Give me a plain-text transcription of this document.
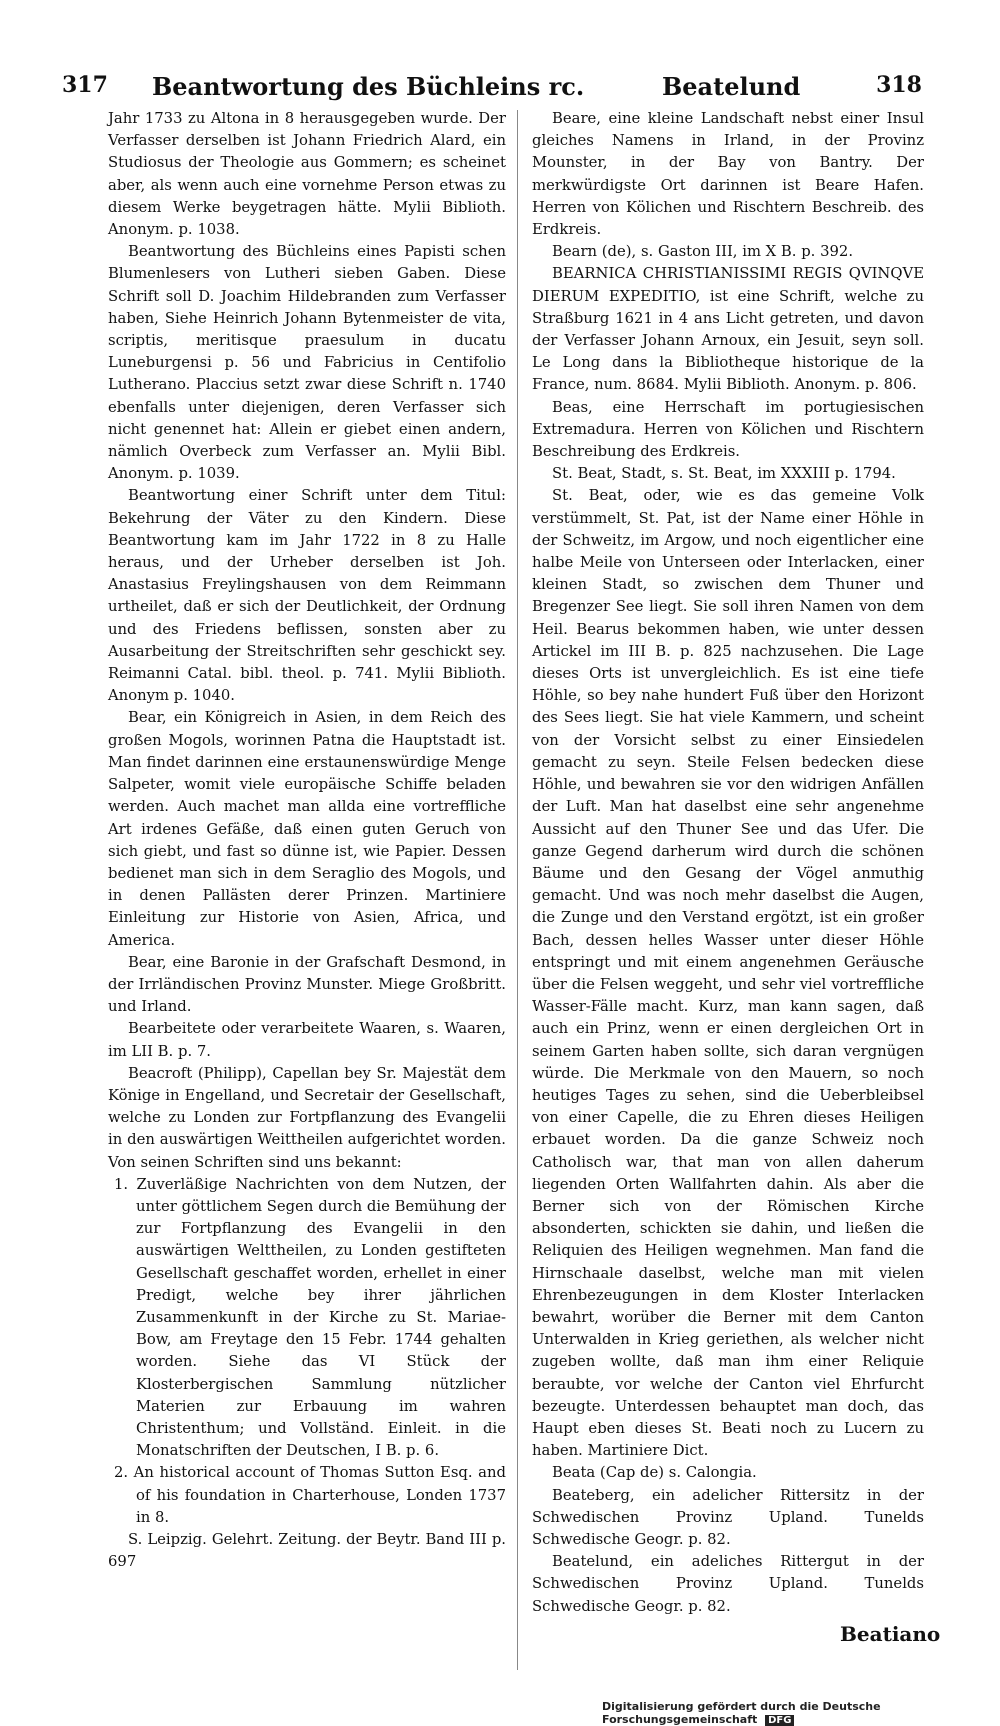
317 Beantwortung des Büchleins rc.	Beatelund	318

Jahr 1733 zu Altona in 8 herausgegeben wurde. Der Verfasser derselben ist Johann Friedrich Alard, ein Studiosus der Theologie aus Gommern; es scheinet aber, als wenn auch eine vornehme Person etwas zu diesem Werke beygetragen hätte. Mylii Biblioth. Anonym. p. 1038.

Beantwortung des Büchleins eines Papisti schen Blumenlesers von Lutheri sieben Gaben. Diese Schrift soll D. Joachim Hildebranden zum Verfasser haben, Siehe Heinrich Johann Bytenmeister de vita, scriptis, meritisque praesulum in ducatu Luneburgensi p. 56 und Fabricius in Centifolio Lutherano. Placcius setzt zwar diese Schrift n. 1740 ebenfalls unter diejenigen, deren Verfasser sich nicht genennet hat: Allein er giebet einen andern, nämlich Overbeck zum Verfasser an. Mylii Bibl. Anonym. p. 1039.

Beantwortung einer Schrift unter dem Titul: Bekehrung der Väter zu den Kindern. Diese Beantwortung kam im Jahr 1722 in 8 zu Halle heraus, und der Urheber derselben ist Joh. Anastasius Freylingshausen von dem Reimmann urtheilet, daß er sich der Deutlichkeit, der Ordnung und des Friedens beflissen, sonsten aber zu Ausarbeitung der Streitschriften sehr geschickt sey. Reimanni Catal. bibl. theol. p. 741. Mylii Biblioth. Anonym p. 1040.

Bear, ein Königreich in Asien, in dem Reich des großen Mogols, worinnen Patna die Hauptstadt ist. Man findet darinnen eine erstaunenswürdige Menge Salpeter, womit viele europäische Schiffe beladen werden. Auch machet man allda eine vortreffliche Art irdenes Gefäße, daß einen guten Geruch von sich giebt, und fast so dünne ist, wie Papier. Dessen bedienet man sich in dem Seraglio des Mogols, und in denen Pallästen derer Prinzen. Martiniere Einleitung zur Historie von Asien, Africa, und America.

Bear, eine Baronie in der Grafschaft Desmond, in der Irrländischen Provinz Munster. Miege Großbritt. und Irland.

Bearbeitete oder verarbeitete Waaren, s. Waaren, im LII B. p. 7.

Beacroft (Philipp), Capellan bey Sr. Majestät dem Könige in Engelland, und Secretair der Gesellschaft, welche zu Londen zur Fortpflanzung des Evangelii in den auswärtigen Weittheilen aufgerichtet worden. Von seinen Schriften sind uns bekannt:

1. Zuverläßige Nachrichten von dem Nutzen, der unter göttlichem Segen durch die Bemühung der zur Fortpflanzung des Evangelii in den auswärtigen Welttheilen, zu Londen gestifteten Gesellschaft geschaffet worden, erhellet in einer Predigt, welche bey ihrer jährlichen Zusammenkunft in der Kirche zu St. Mariae-Bow, am Freytage den 15 Febr. 1744 gehalten worden. Siehe das VI Stück der Klosterbergischen Sammlung nützlicher Materien zur Erbauung im wahren Christenthum; und Vollständ. Einleit. in die Monatschriften der Deutschen, I B. p. 6.

2. An historical account of Thomas Sutton Esq. and of his foundation in Charterhouse, Londen 1737 in 8.

S. Leipzig. Gelehrt. Zeitung. der Beytr. Band III p. 697

Beare, eine kleine Landschaft nebst einer Insul gleiches Namens in Irland, in der Provinz Mounster, in der Bay von Bantry. Der merkwürdigste Ort darinnen ist Beare Hafen. Herren von Kölichen und Rischtern Beschreib. des Erdkreis.

Bearn (de), s. Gaston III, im X B. p. 392.

BEARNICA CHRISTIANISSIMI REGIS QVINQVE DIERUM EXPEDITIO, ist eine Schrift, welche zu Straßburg 1621 in 4 ans Licht getreten, und davon der Verfasser Johann Arnoux, ein Jesuit, seyn soll. Le Long dans la Bibliotheque historique de la France, num. 8684. Mylii Biblioth. Anonym. p. 806.

Beas, eine Herrschaft im portugiesischen Extremadura. Herren von Kölichen und Rischtern Beschreibung des Erdkreis.

St. Beat, Stadt, s. St. Beat, im XXXIII p. 1794.

St. Beat, oder, wie es das gemeine Volk verstümmelt, St. Pat, ist der Name einer Höhle in der Schweitz, im Argow, und noch eigentlicher eine halbe Meile von Unterseen oder Interlacken, einer kleinen Stadt, so zwischen dem Thuner und Bregenzer See liegt. Sie soll ihren Namen von dem Heil. Bearus bekommen haben, wie unter dessen Artickel im III B. p. 825 nachzusehen. Die Lage dieses Orts ist unvergleichlich. Es ist eine tiefe Höhle, so bey nahe hundert Fuß über den Horizont des Sees liegt. Sie hat viele Kammern, und scheint von der Vorsicht selbst zu einer Einsiedelen gemacht zu seyn. Steile Felsen bedecken diese Höhle, und bewahren sie vor den widrigen Anfällen der Luft. Man hat daselbst eine sehr angenehme Aussicht auf den Thuner See und das Ufer. Die ganze Gegend darherum wird durch die schönen Bäume und den Gesang der Vögel anmuthig gemacht. Und was noch mehr daselbst die Augen, die Zunge und den Verstand ergötzt, ist ein großer Bach, dessen helles Wasser unter dieser Höhle entspringt und mit einem angenehmen Geräusche über die Felsen weggeht, und sehr viel vortreffliche Wasser-Fälle macht. Kurz, man kann sagen, daß auch ein Prinz, wenn er einen dergleichen Ort in seinem Garten haben sollte, sich daran vergnügen würde. Die Merkmale von den Mauern, so noch heutiges Tages zu sehen, sind die Ueberbleibsel von einer Capelle, die zu Ehren dieses Heiligen erbauet worden. Da die ganze Schweiz noch Catholisch war, that man von allen daherum liegenden Orten Wallfahrten dahin. Als aber die Berner sich von der Römischen Kirche absonderten, schickten sie dahin, und ließen die Reliquien des Heiligen wegnehmen. Man fand die Hirnschaale daselbst, welche man mit vielen Ehrenbezeugungen in dem Kloster Interlacken bewahrt, worüber die Berner mit dem Canton Unterwalden in Krieg geriethen, als welcher nicht zugeben wollte, daß man ihm einer Reliquie beraubte, vor welche der Canton viel Ehrfurcht bezeugte. Unterdessen behauptet man doch, das Haupt eben dieses St. Beati noch zu Lucern zu haben. Martiniere Dict.

Beata (Cap de) s. Calongia.

Beateberg, ein adelicher Rittersitz in der Schwedischen Provinz Upland. Tunelds Schwedische Geogr. p. 82.

Beatelund, ein adeliches Rittergut in der Schwedischen Provinz Upland. Tunelds Schwedische Geogr. p. 82.

Beatiano
Digitalisierung gefördert durch die Deutsche Forschungsgemeinschaft DFG
